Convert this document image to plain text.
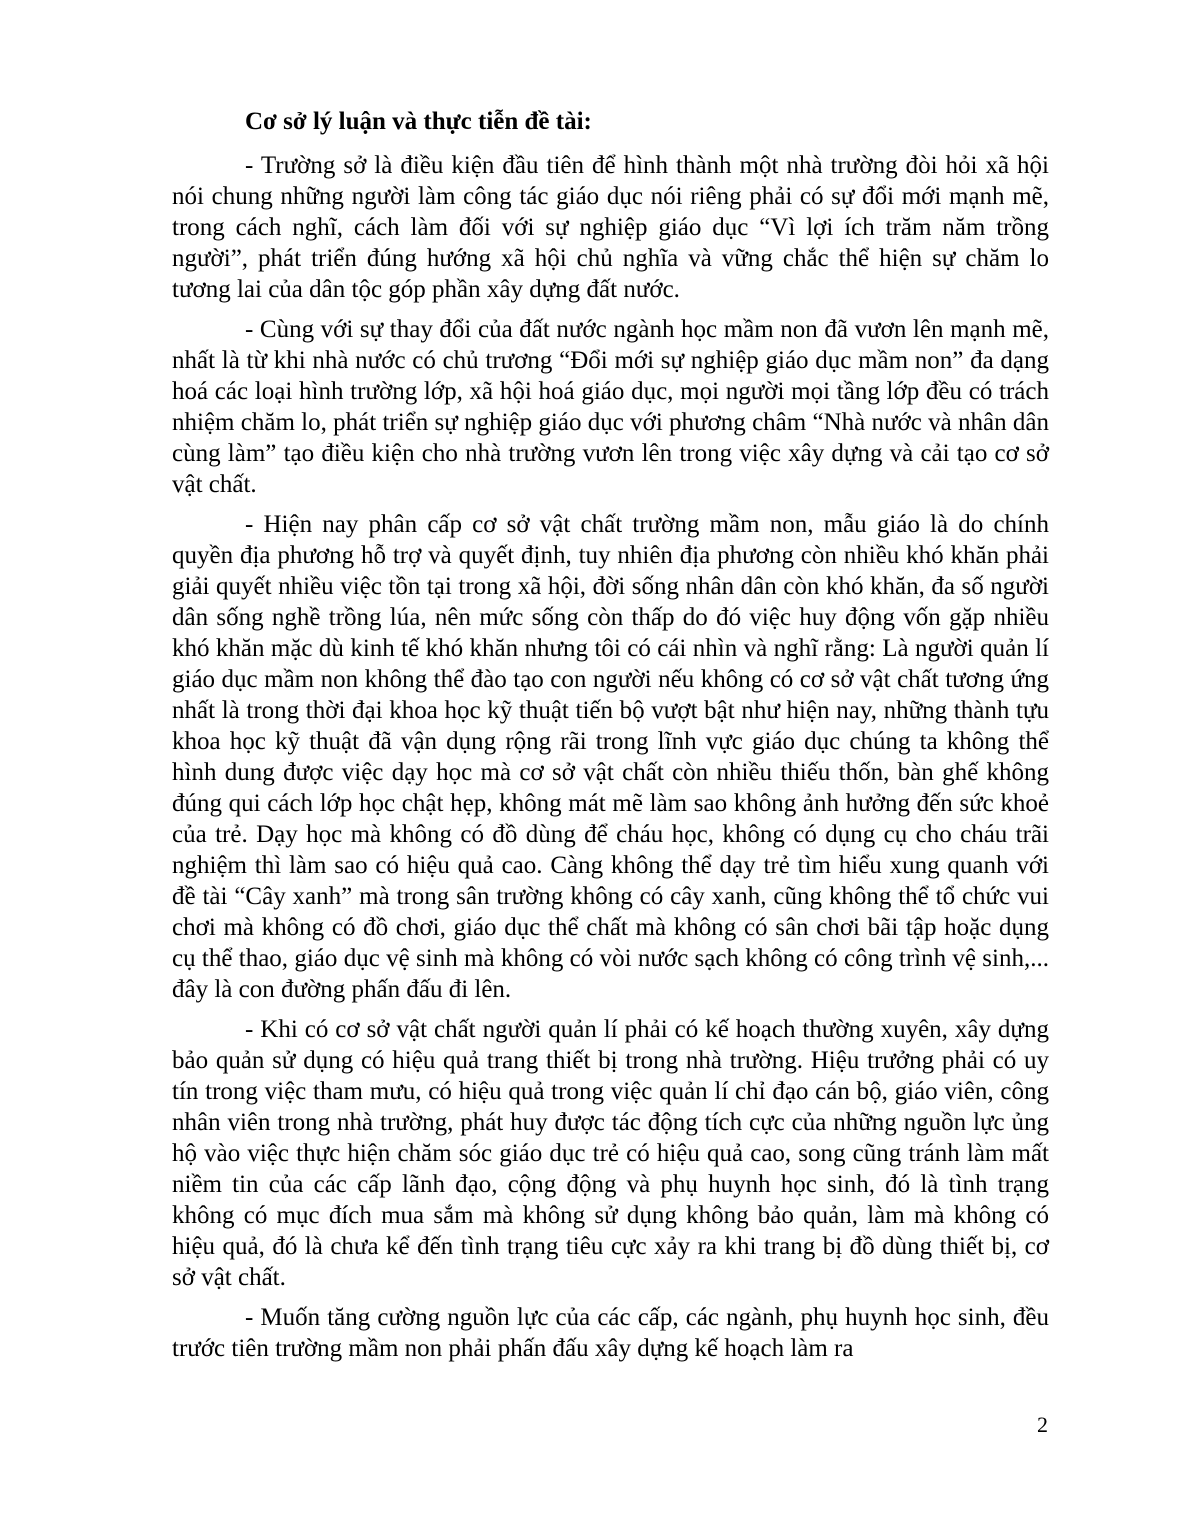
Cơ sở lý luận và thực tiễn đề tài:

- Trường sở là điều kiện đầu tiên để hình thành một nhà trường đòi hỏi xã hội nói chung những người làm công tác giáo dục nói riêng phải có sự đổi mới mạnh mẽ, trong cách nghĩ, cách làm đối với sự nghiệp giáo dục “Vì lợi ích trăm năm trồng người”, phát triển đúng hướng xã hội chủ nghĩa và vững chắc thể hiện sự chăm lo tương lai của dân tộc góp phần xây dựng đất nước.

- Cùng với sự thay đổi của đất nước ngành học mầm non đã vươn lên mạnh mẽ, nhất là từ khi nhà nước có chủ trương “Đổi mới sự nghiệp giáo dục mầm non” đa dạng hoá các loại hình trường lớp, xã hội hoá giáo dục, mọi người mọi tầng lớp đều có trách nhiệm chăm lo, phát triển sự nghiệp giáo dục với phương châm “Nhà nước và nhân dân cùng làm” tạo điều kiện cho nhà trường vươn lên trong việc xây dựng và cải tạo cơ sở vật chất.

- Hiện nay phân cấp cơ sở vật chất trường mầm non, mẫu giáo là do chính quyền địa phương hỗ trợ và quyết định, tuy nhiên địa phương còn nhiều khó khăn phải giải quyết nhiều việc tồn tại trong xã hội, đời sống nhân dân còn khó khăn, đa số người dân sống nghề trồng lúa, nên mức sống còn thấp do đó việc huy động vốn gặp nhiều khó khăn mặc dù kinh tế khó khăn nhưng tôi có cái nhìn và nghĩ rằng: Là người quản lí giáo dục mầm non không thể đào tạo con người nếu không có cơ sở vật chất tương ứng nhất là trong thời đại khoa học kỹ thuật tiến bộ vượt bật như hiện nay, những thành tựu khoa học kỹ thuật đã vận dụng rộng rãi trong lĩnh vực giáo dục chúng ta không thể hình dung được việc dạy học mà cơ sở vật chất còn nhiều thiếu thốn, bàn ghế không đúng qui cách lớp học chật hẹp, không mát mẽ làm sao không ảnh hưởng đến sức khoẻ của trẻ. Dạy học mà không có đồ dùng để cháu học, không có dụng cụ cho cháu trãi nghiệm thì làm sao có hiệu quả cao. Càng không thể dạy trẻ tìm hiểu xung quanh với đề tài “Cây xanh” mà trong sân trường không có cây xanh, cũng không thể tổ chức vui chơi mà không có đồ chơi, giáo dục thể chất mà không có sân chơi bãi tập hoặc dụng cụ thể thao, giáo dục vệ sinh mà không có vòi nước sạch không có công trình vệ sinh,... đây là con đường phấn đấu đi lên.

- Khi có cơ sở vật chất người quản lí phải có kế hoạch thường xuyên, xây dựng bảo quản sử dụng có hiệu quả trang thiết bị trong nhà trường. Hiệu trưởng phải có uy tín trong việc tham mưu, có hiệu quả trong việc quản lí chỉ đạo cán bộ, giáo viên, công nhân viên trong nhà trường, phát huy được tác động tích cực của những nguồn lực ủng hộ vào việc thực hiện chăm sóc giáo dục trẻ có hiệu quả cao, song cũng tránh làm mất niềm tin của các cấp lãnh đạo, cộng động và phụ huynh học sinh, đó là tình trạng không có mục đích mua sắm mà không sử dụng không bảo quản, làm mà không có hiệu quả, đó là chưa kể đến tình trạng tiêu cực xảy ra khi trang bị đồ dùng thiết bị, cơ sở vật chất.

- Muốn tăng cường nguồn lực của các cấp, các ngành, phụ huynh học sinh, đều trước tiên trường mầm non phải phấn đấu xây dựng kế hoạch làm ra

2
